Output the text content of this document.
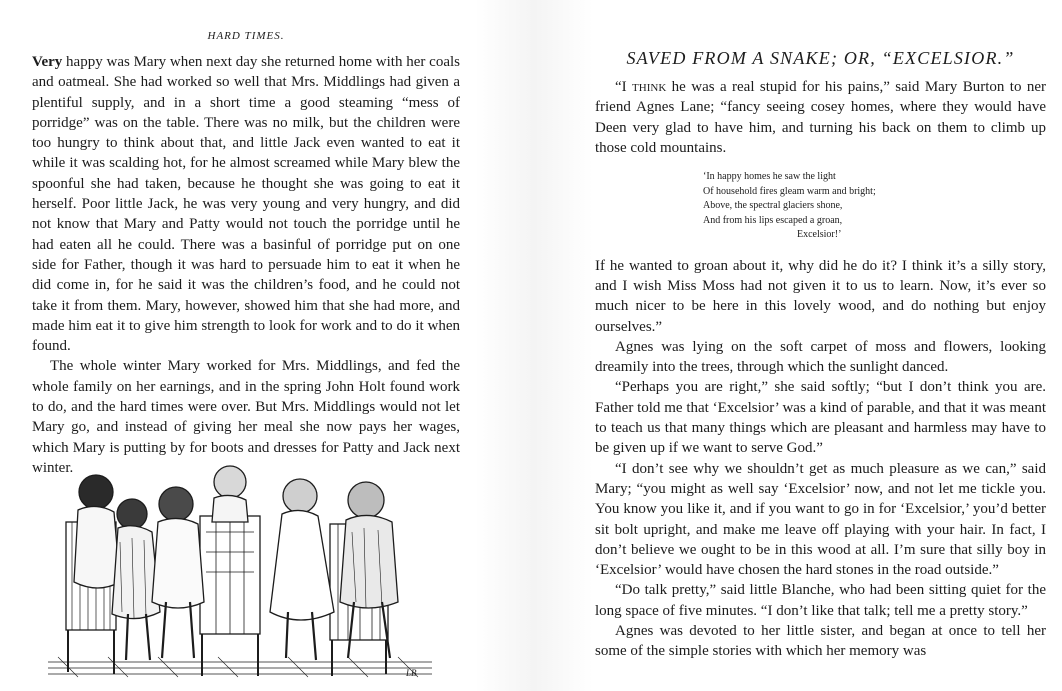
HARD TIMES.

Very happy was Mary when next day she returned home with her coals and oatmeal. She had worked so well that Mrs. Middlings had given a plentiful supply, and in a short time a good steaming “mess of porridge” was on the table. There was no milk, but the children were too hungry to think about that, and little Jack even wanted to eat it while it was scalding hot, for he almost screamed while Mary blew the spoonful she had taken, because he thought she was going to eat it herself. Poor little Jack, he was very young and very hungry, and did not know that Mary and Patty would not touch the porridge until he had eaten all he could. There was a basinful of porridge put on one side for Father, though it was hard to persuade him to eat it when he did come in, for he said it was the children’s food, and he could not take it from them. Mary, however, showed him that she had more, and made him eat it to give him strength to look for work and to do it when found.

The whole winter Mary worked for Mrs. Middlings, and fed the whole family on her earnings, and in the spring John Holt found work to do, and the hard times were over. But Mrs. Middlings would not let Mary go, and instead of giving her meal she now pays her wages, which Mary is putting by for boots and dresses for Patty and Jack next winter.

LB
SAVED FROM A SNAKE; OR, “EXCELSIOR.”

“I think he was a real stupid for his pains,” said Mary Burton to ner friend Agnes Lane; “fancy seeing cosey homes, where they would have Deen very glad to have him, and turning his back on them to climb up those cold mountains.

‘In happy homes he saw the light
Of household fires gleam warm and bright;
Above, the spectral glaciers shone,
And from his lips escaped a groan,
Excelsior!’

If he wanted to groan about it, why did he do it? I think it’s a silly story, and I wish Miss Moss had not given it to us to learn. Now, it’s ever so much nicer to be here in this lovely wood, and do nothing but enjoy ourselves.”

Agnes was lying on the soft carpet of moss and flowers, looking dreamily into the trees, through which the sunlight danced.

“Perhaps you are right,” she said softly; “but I don’t think you are. Father told me that ‘Excelsior’ was a kind of parable, and that it was meant to teach us that many things which are pleasant and harmless may have to be given up if we want to serve God.”

“I don’t see why we shouldn’t get as much pleasure as we can,” said Mary; “you might as well say ‘Excelsior’ now, and not let me tickle you. You know you like it, and if you want to go in for ‘Excelsior,’ you’d better sit bolt upright, and make me leave off playing with your hair. In fact, I don’t believe we ought to be in this wood at all. I’m sure that silly boy in ‘Excelsior’ would have chosen the hard stones in the road outside.”

“Do talk pretty,” said little Blanche, who had been sitting quiet for the long space of five minutes. “I don’t like that talk; tell me a pretty story.”

Agnes was devoted to her little sister, and began at once to tell her some of the simple stories with which her memory was
